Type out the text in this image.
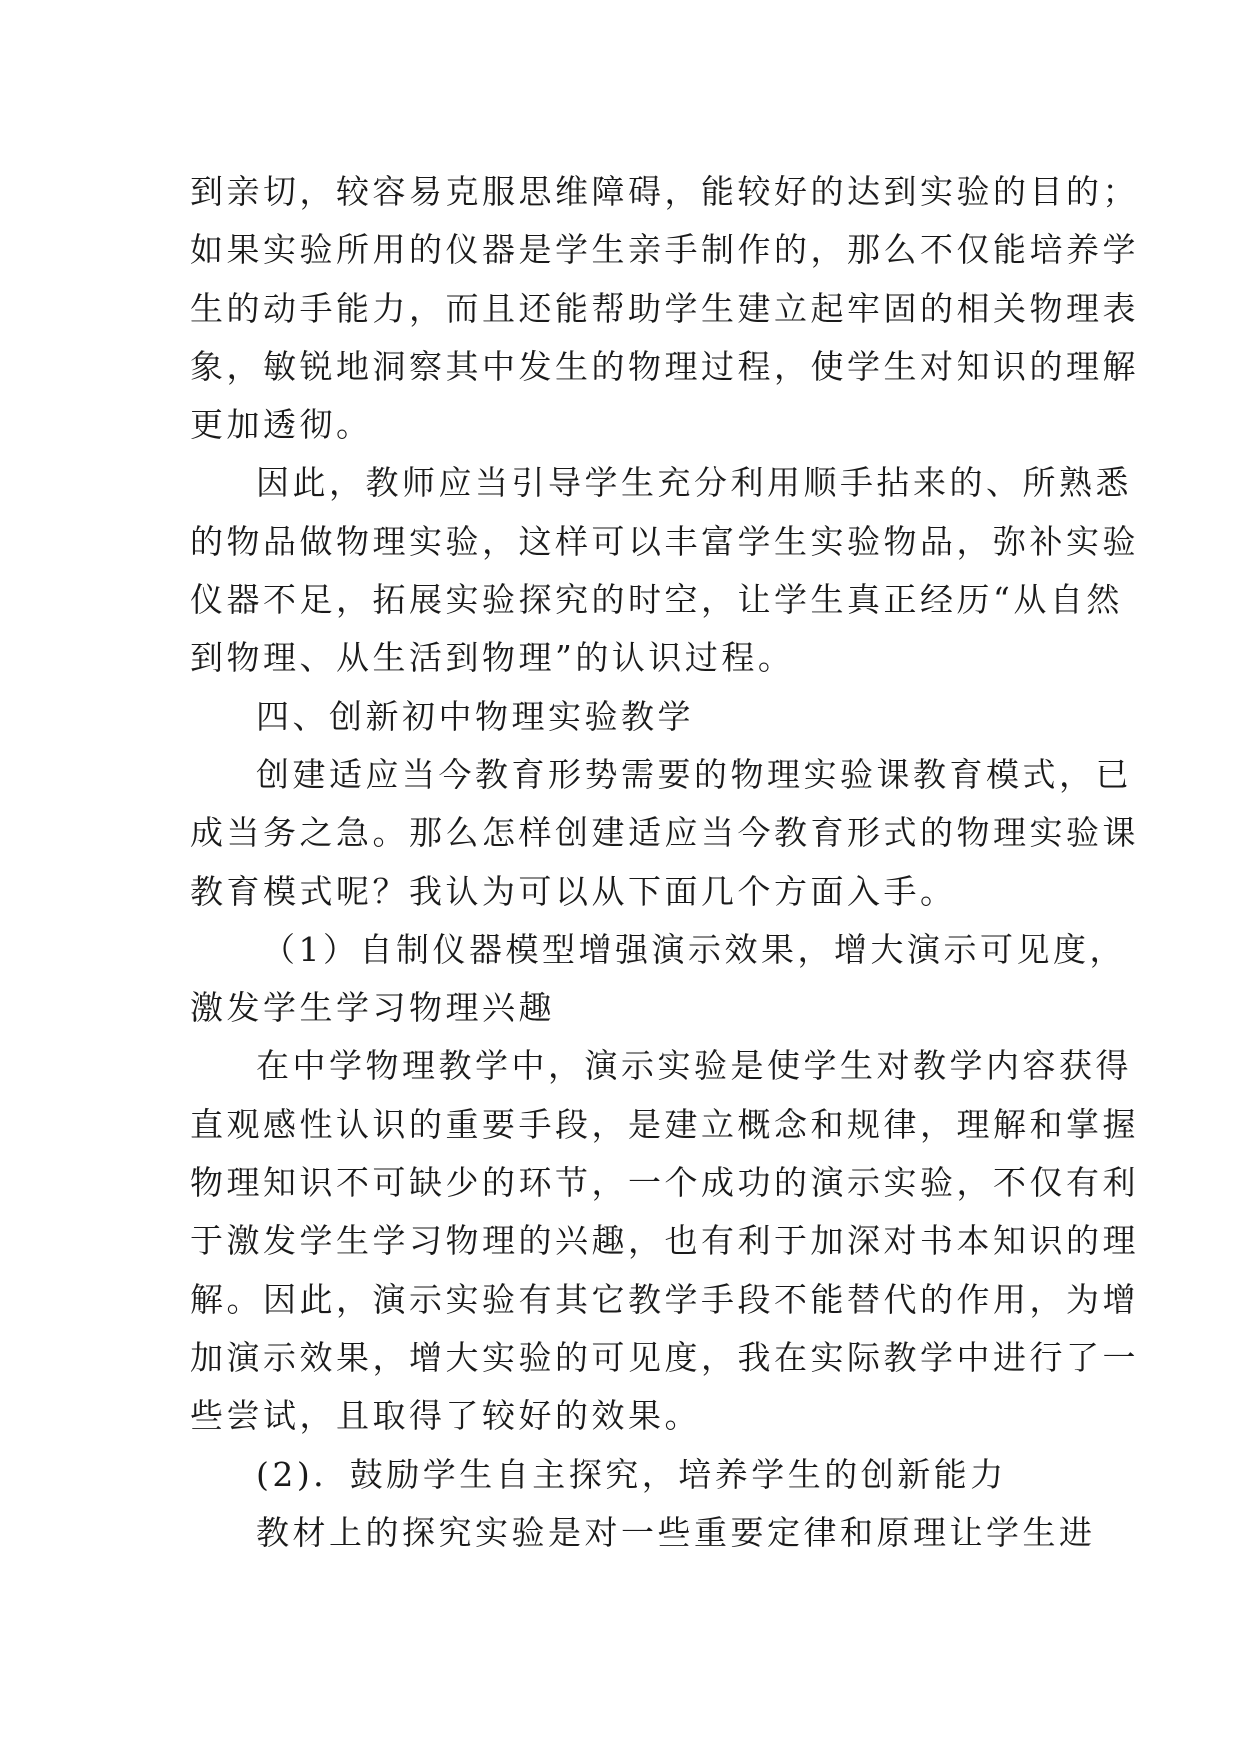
到亲切，较容易克服思维障碍，能较好的达到实验的目的；
如果实验所用的仪器是学生亲手制作的，那么不仅能培养学
生的动手能力，而且还能帮助学生建立起牢固的相关物理表
象，敏锐地洞察其中发生的物理过程，使学生对知识的理解
更加透彻。
因此，教师应当引导学生充分利用顺手拈来的、所熟悉
的物品做物理实验，这样可以丰富学生实验物品，弥补实验
仪器不足，拓展实验探究的时空，让学生真正经历“从自然
到物理、从生活到物理”的认识过程。
四、创新初中物理实验教学
创建适应当今教育形势需要的物理实验课教育模式，已
成当务之急。那么怎样创建适应当今教育形式的物理实验课
教育模式呢？我认为可以从下面几个方面入手。
（1）自制仪器模型增强演示效果，增大演示可见度，
激发学生学习物理兴趣
在中学物理教学中，演示实验是使学生对教学内容获得
直观感性认识的重要手段，是建立概念和规律，理解和掌握
物理知识不可缺少的环节，一个成功的演示实验，不仅有利
于激发学生学习物理的兴趣，也有利于加深对书本知识的理
解。因此，演示实验有其它教学手段不能替代的作用，为增
加演示效果，增大实验的可见度，我在实际教学中进行了一
些尝试，且取得了较好的效果。
(2)．鼓励学生自主探究，培养学生的创新能力
教材上的探究实验是对一些重要定律和原理让学生进
